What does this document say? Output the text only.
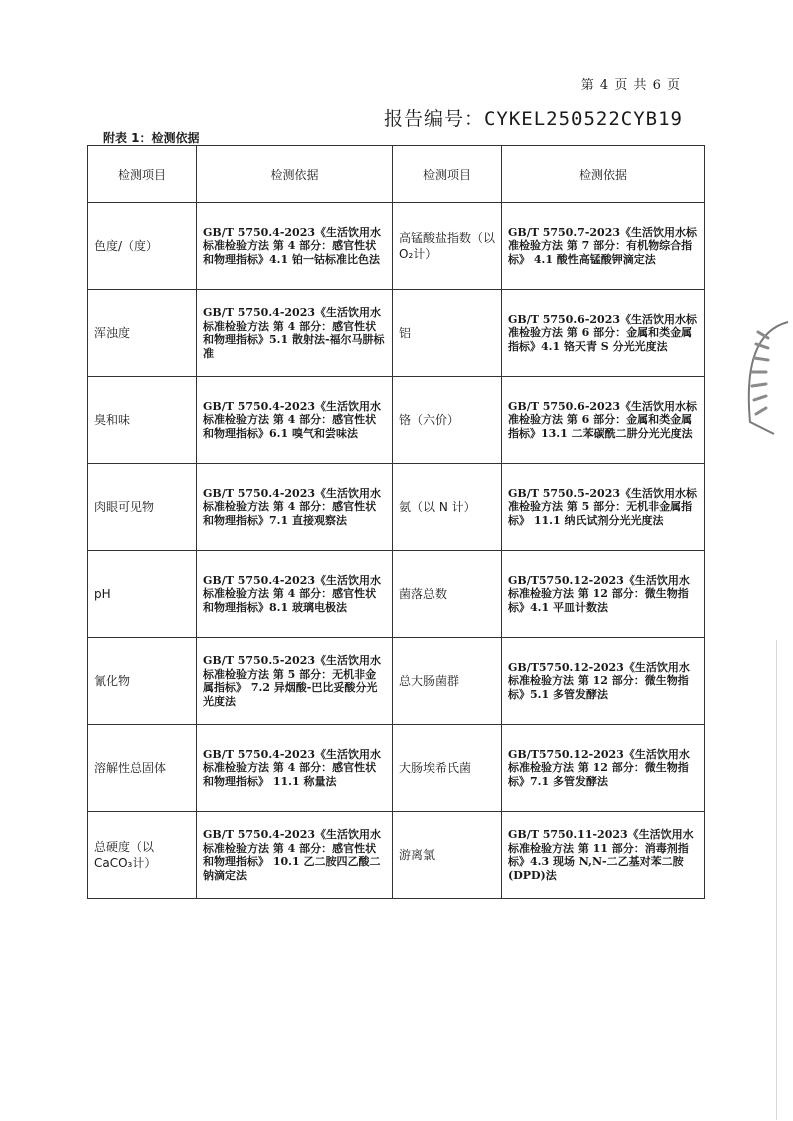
第 4 页 共 6 页
报告编号：CYKEL250522CYB19
附表 1：检测依据
检测项目	检测依据	检测项目	检测依据
色度/（度）	GB/T 5750.4-2023《生活饮用水标准检验方法 第 4 部分：感官性状和物理指标》4.1 铂一钴标准比色法	高锰酸盐指数（以O₂计）	GB/T 5750.7-2023《生活饮用水标准检验方法 第 7 部分：有机物综合指标》 4.1 酸性高锰酸钾滴定法
浑浊度	GB/T 5750.4-2023《生活饮用水标准检验方法 第 4 部分：感官性状和物理指标》5.1 散射法-福尔马肼标准	铝	GB/T 5750.6-2023《生活饮用水标准检验方法 第 6 部分：金属和类金属指标》4.1 铬天青 S 分光光度法
臭和味	GB/T 5750.4-2023《生活饮用水标准检验方法 第 4 部分：感官性状和物理指标》6.1 嗅气和尝味法	铬（六价）	GB/T 5750.6-2023《生活饮用水标准检验方法 第 6 部分：金属和类金属指标》13.1 二苯碳酰二肼分光光度法
肉眼可见物	GB/T 5750.4-2023《生活饮用水标准检验方法 第 4 部分：感官性状和物理指标》7.1 直接观察法	氨（以 N 计）	GB/T 5750.5-2023《生活饮用水标准检验方法 第 5 部分：无机非金属指标》 11.1 纳氏试剂分光光度法
pH	GB/T 5750.4-2023《生活饮用水标准检验方法 第 4 部分：感官性状和物理指标》8.1 玻璃电极法	菌落总数	GB/T5750.12-2023《生活饮用水标准检验方法 第 12 部分：微生物指标》4.1 平皿计数法
氰化物	GB/T 5750.5-2023《生活饮用水标准检验方法 第 5 部分：无机非金属指标》 7.2 异烟酸-巴比妥酸分光光度法	总大肠菌群	GB/T5750.12-2023《生活饮用水标准检验方法 第 12 部分：微生物指标》5.1 多管发酵法
溶解性总固体	GB/T 5750.4-2023《生活饮用水标准检验方法 第 4 部分：感官性状和物理指标》 11.1 称量法	大肠埃希氏菌	GB/T5750.12-2023《生活饮用水标准检验方法 第 12 部分：微生物指标》7.1 多管发酵法
总硬度（以 CaCO₃计）	GB/T 5750.4-2023《生活饮用水标准检验方法 第 4 部分：感官性状和物理指标》 10.1 乙二胺四乙酸二钠滴定法	游离氯	GB/T 5750.11-2023《生活饮用水标准检验方法 第 11 部分：消毒剂指标》4.3 现场 N,N-二乙基对苯二胺(DPD)法
